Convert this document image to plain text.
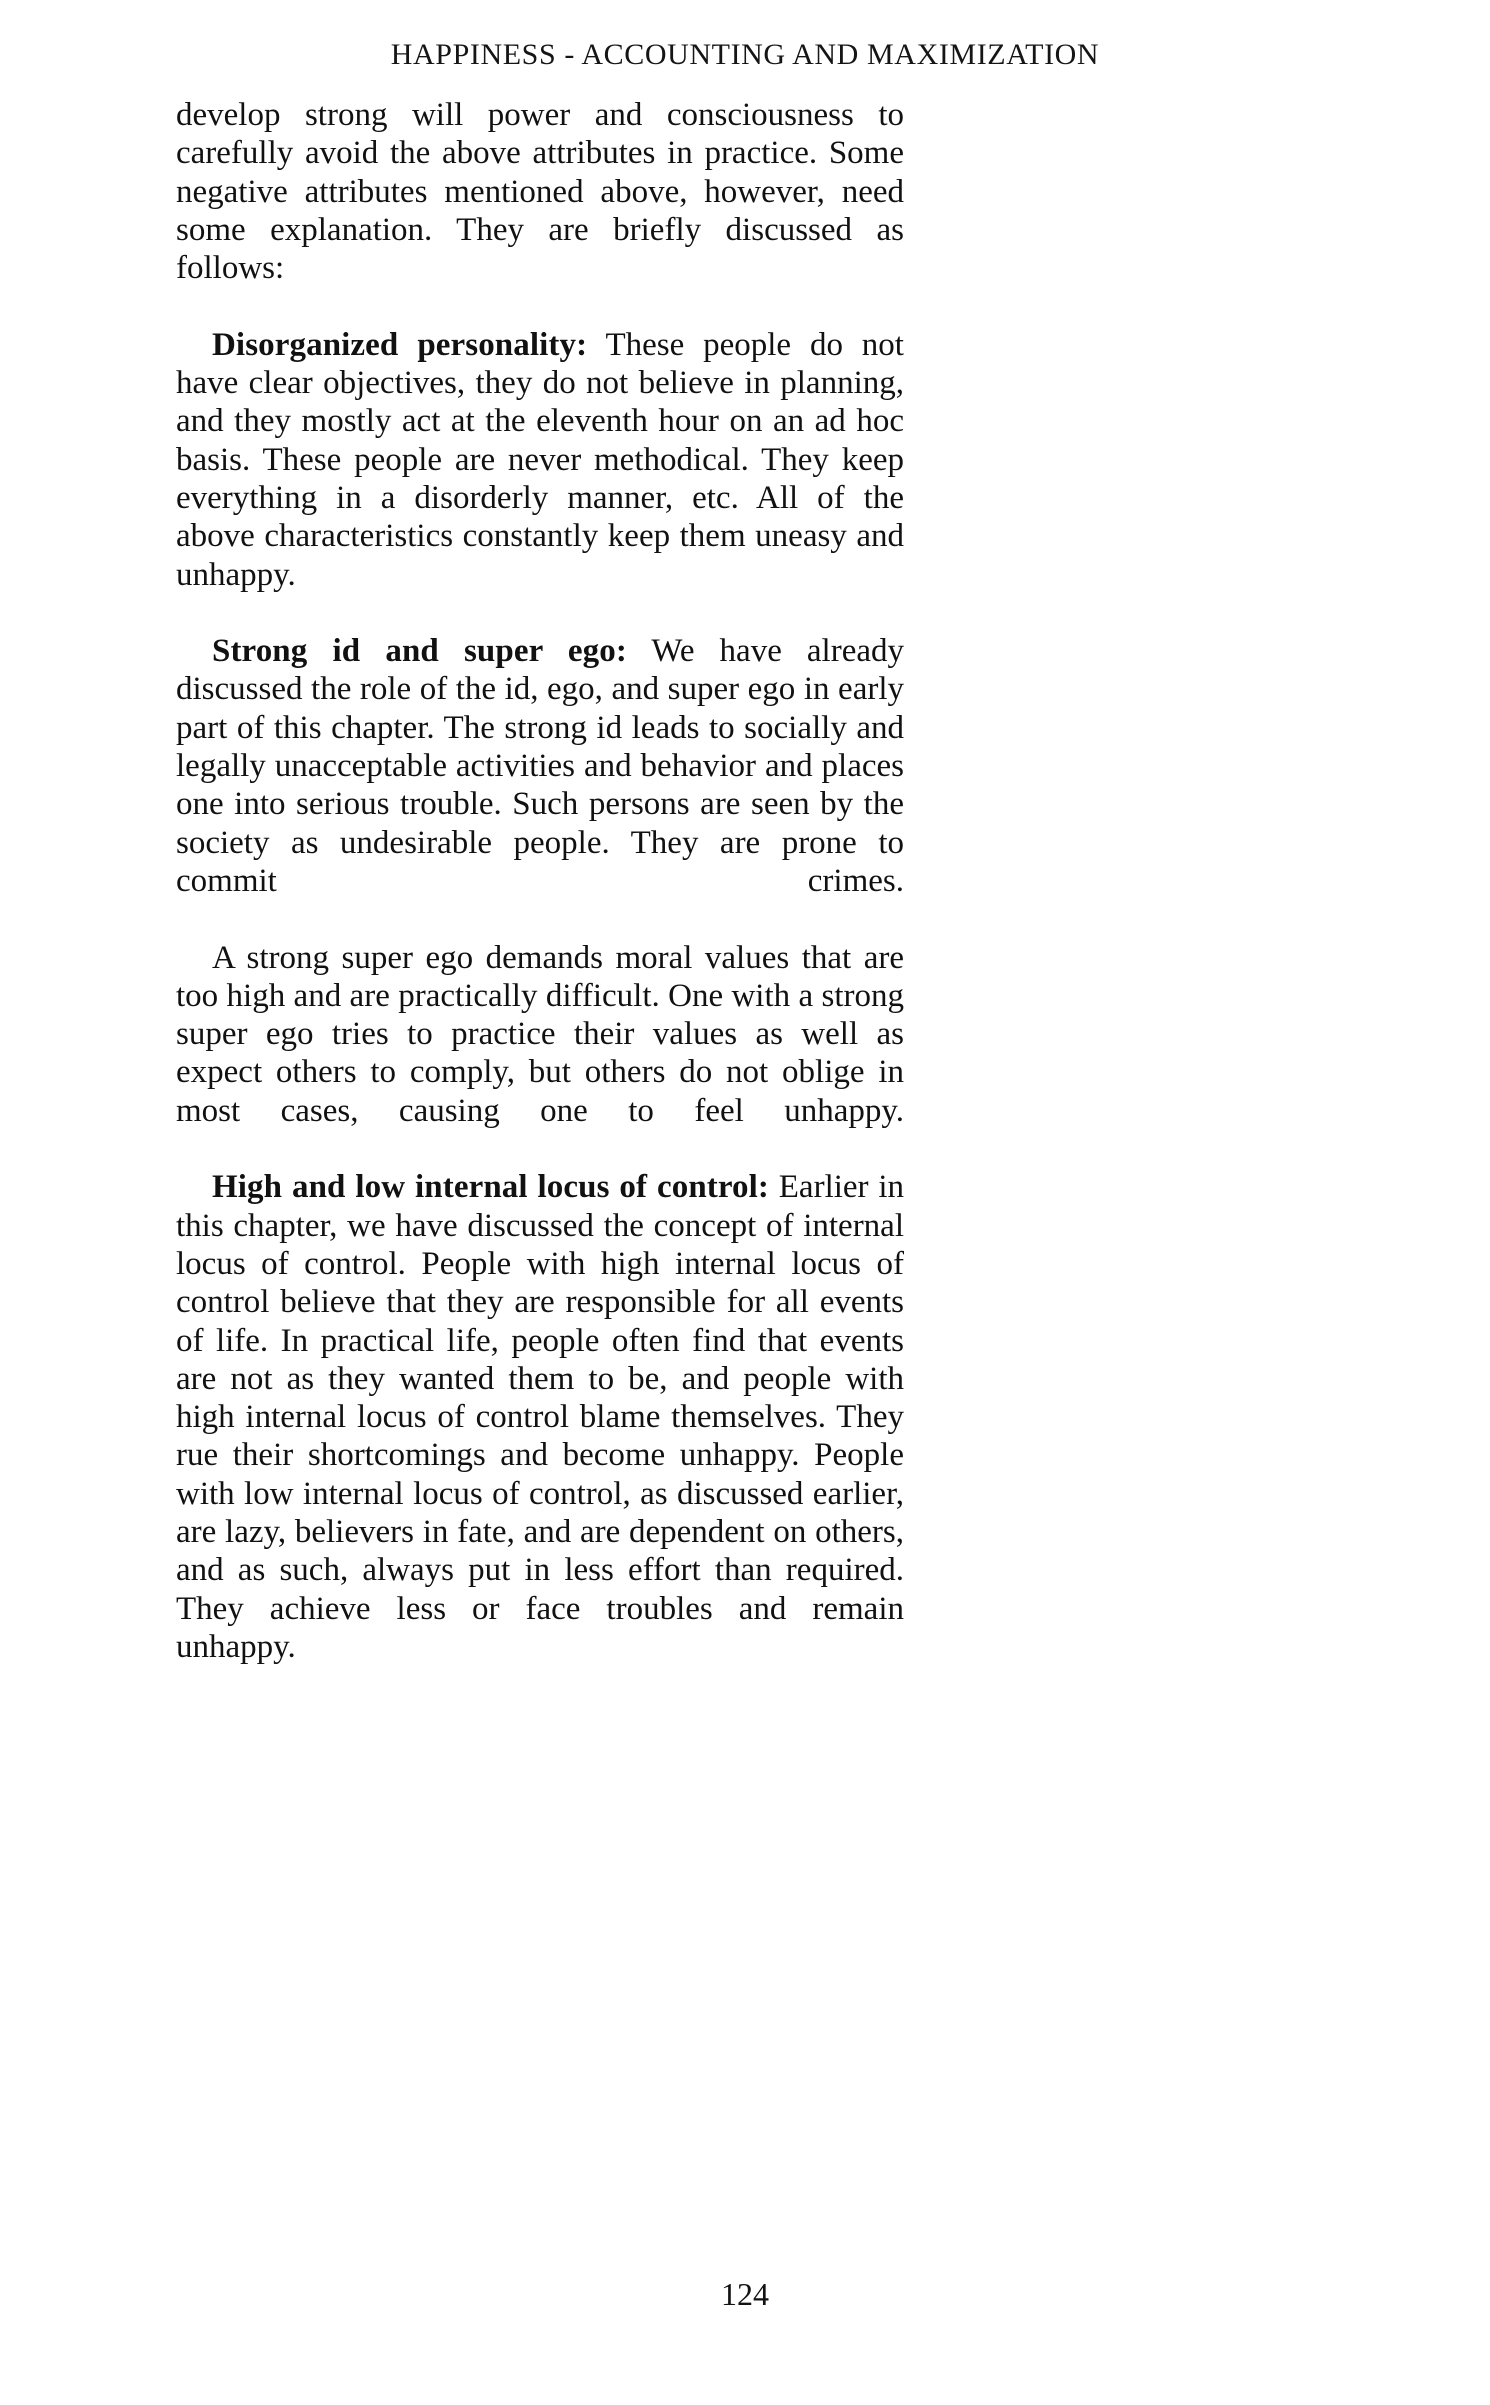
HAPPINESS - ACCOUNTING AND MAXIMIZATION

develop strong will power and consciousness to carefully avoid the above attributes in practice. Some negative attributes mentioned above, however, need some explanation. They are briefly discussed as follows:

Disorganized personality: These people do not have clear objectives, they do not believe in planning, and they mostly act at the eleventh hour on an ad hoc basis. These people are never methodical. They keep everything in a disorderly manner, etc. All of the above characteristics constantly keep them uneasy and unhappy.

Strong id and super ego: We have already discussed the role of the id, ego, and super ego in early part of this chapter. The strong id leads to socially and legally unacceptable activities and behavior and places one into serious trouble. Such persons are seen by the society as undesirable people. They are prone to commit crimes.

A strong super ego demands moral values that are too high and are practically difficult. One with a strong super ego tries to practice their values as well as expect others to comply, but others do not oblige in most cases, causing one to feel unhappy.

High and low internal locus of control: Earlier in this chapter, we have discussed the concept of internal locus of control. People with high internal locus of control believe that they are responsible for all events of life. In practical life, people often find that events are not as they wanted them to be, and people with high internal locus of control blame themselves. They rue their shortcomings and become unhappy. People with low internal locus of control, as discussed earlier, are lazy, believers in fate, and are dependent on others, and as such, always put in less effort than required. They achieve less or face troubles and remain unhappy.

124
